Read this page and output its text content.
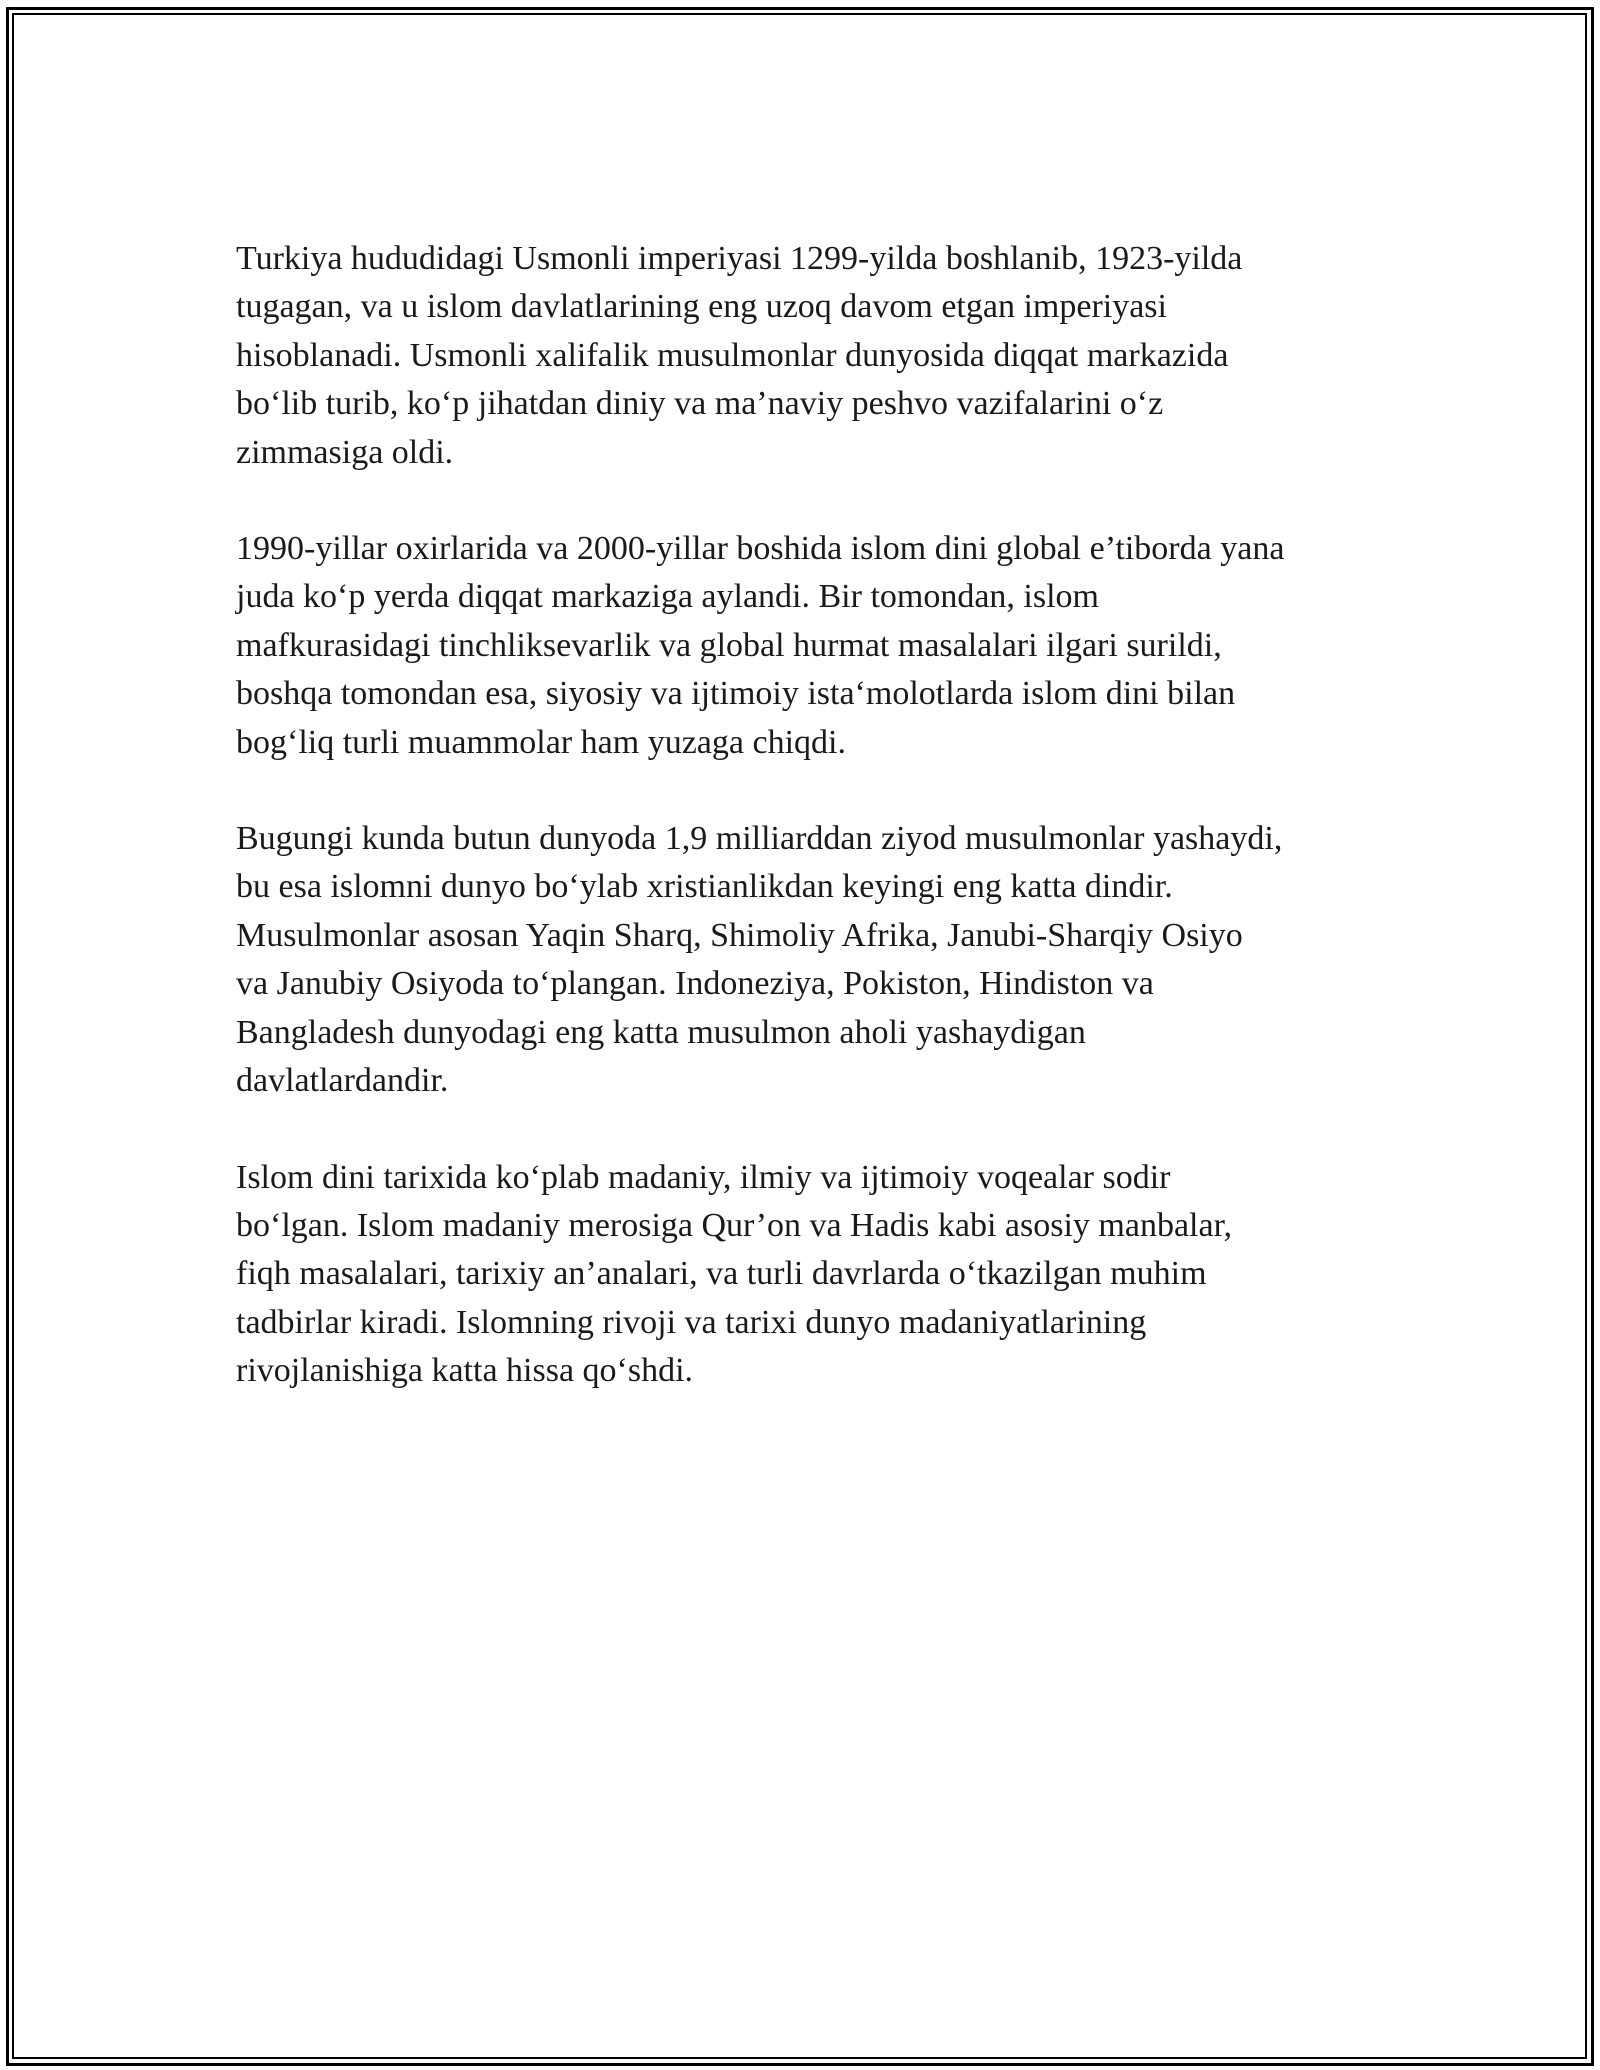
Turkiya hududidagi Usmonli imperiyasi 1299-yilda boshlanib, 1923-yilda
tugagan, va u islom davlatlarining eng uzoq davom etgan imperiyasi
hisoblanadi. Usmonli xalifalik musulmonlar dunyosida diqqat markazida
bo‘lib turib, ko‘p jihatdan diniy va ma’naviy peshvo vazifalarini o‘z
zimmasiga oldi.

1990-yillar oxirlarida va 2000-yillar boshida islom dini global e’tiborda yana
juda ko‘p yerda diqqat markaziga aylandi. Bir tomondan, islom
mafkurasidagi tinchliksevarlik va global hurmat masalalari ilgari surildi,
boshqa tomondan esa, siyosiy va ijtimoiy ista‘molotlarda islom dini bilan
bog‘liq turli muammolar ham yuzaga chiqdi.

Bugungi kunda butun dunyoda 1,9 milliarddan ziyod musulmonlar yashaydi,
bu esa islomni dunyo bo‘ylab xristianlikdan keyingi eng katta dindir.
Musulmonlar asosan Yaqin Sharq, Shimoliy Afrika, Janubi-Sharqiy Osiyo
va Janubiy Osiyoda to‘plangan. Indoneziya, Pokiston, Hindiston va
Bangladesh dunyodagi eng katta musulmon aholi yashaydigan
davlatlardandir.

Islom dini tarixida ko‘plab madaniy, ilmiy va ijtimoiy voqealar sodir
bo‘lgan. Islom madaniy merosiga Qur’on va Hadis kabi asosiy manbalar,
fiqh masalalari, tarixiy an’analari, va turli davrlarda o‘tkazilgan muhim
tadbirlar kiradi. Islomning rivoji va tarixi dunyo madaniyatlarining
rivojlanishiga katta hissa qo‘shdi.
